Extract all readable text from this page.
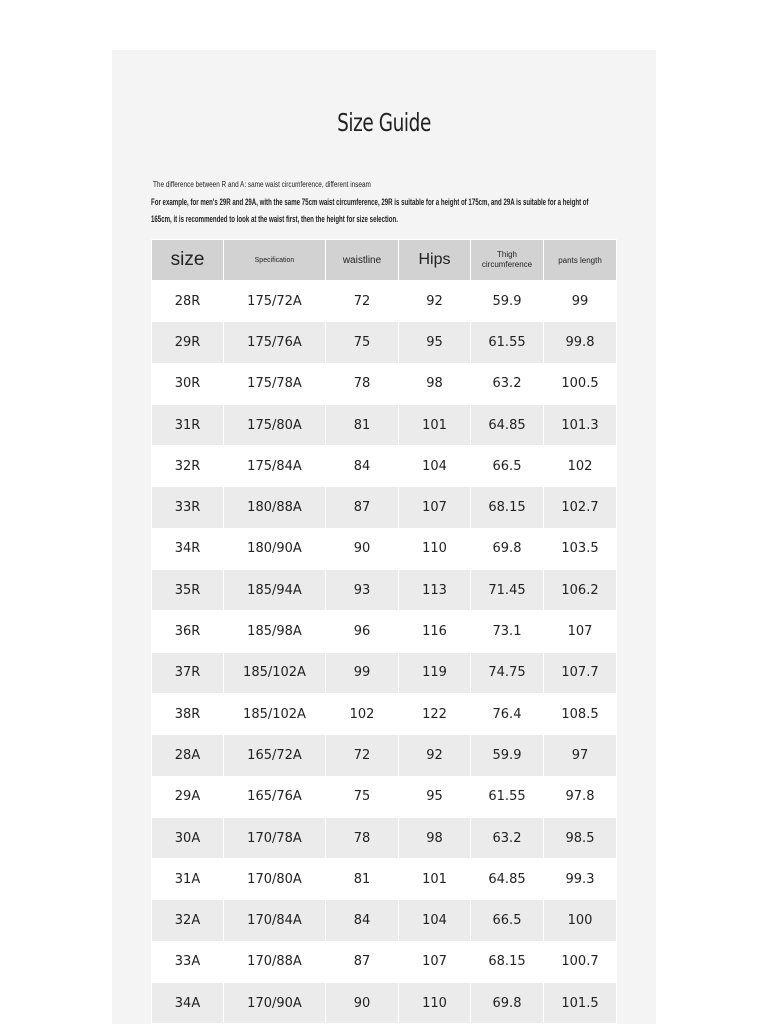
Size Guide
The difference between R and A: same waist circumference, different inseam
For example, for men's 29R and 29A, with the same 75cm waist circumference, 29R is suitable for a height of 175cm, and 29A is suitable for a height of
165cm, it is recommended to look at the waist first, then the height for size selection.
size	Specification	waistline	Hips	Thigh circumference	pants length
28R	175/72A	72	92	59.9	99
29R	175/76A	75	95	61.55	99.8
30R	175/78A	78	98	63.2	100.5
31R	175/80A	81	101	64.85	101.3
32R	175/84A	84	104	66.5	102
33R	180/88A	87	107	68.15	102.7
34R	180/90A	90	110	69.8	103.5
35R	185/94A	93	113	71.45	106.2
36R	185/98A	96	116	73.1	107
37R	185/102A	99	119	74.75	107.7
38R	185/102A	102	122	76.4	108.5
28A	165/72A	72	92	59.9	97
29A	165/76A	75	95	61.55	97.8
30A	170/78A	78	98	63.2	98.5
31A	170/80A	81	101	64.85	99.3
32A	170/84A	84	104	66.5	100
33A	170/88A	87	107	68.15	100.7
34A	170/90A	90	110	69.8	101.5
